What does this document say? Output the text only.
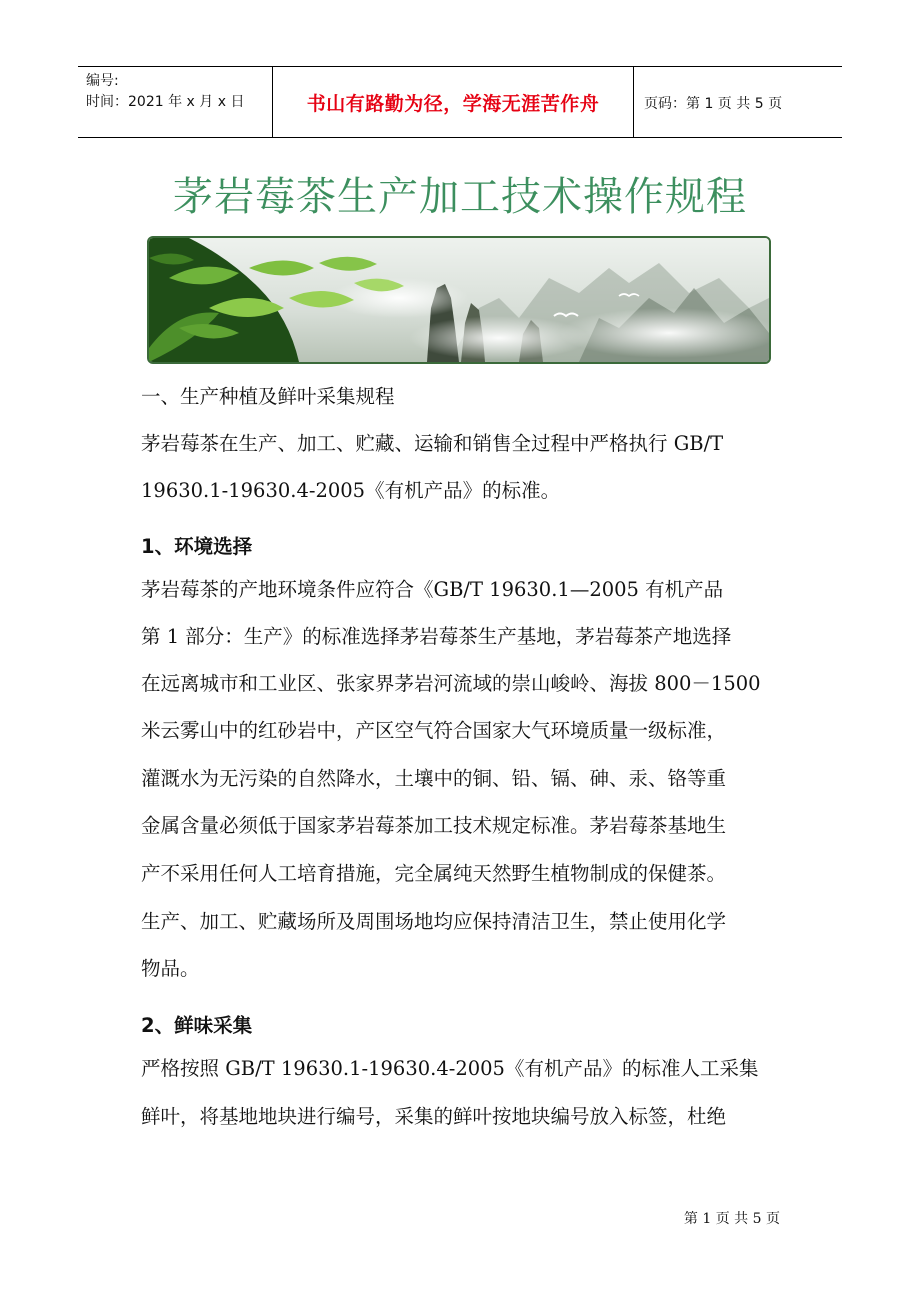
编号:
时间：2021 年 x 月 x 日	书山有路勤为径，学海无涯苦作舟	页码：第 1 页 共 5 页
茅岩莓茶生产加工技术操作规程
一、生产种植及鲜叶采集规程
茅岩莓茶在生产、加工、贮藏、运输和销售全过程中严格执行 GB/T
19630.1-19630.4-2005《有机产品》的标准。
1、环境选择
茅岩莓茶的产地环境条件应符合《GB/T 19630.1—2005 有机产品
第 1 部分：生产》的标准选择茅岩莓茶生产基地，茅岩莓茶产地选择
在远离城市和工业区、张家界茅岩河流域的崇山峻岭、海拔 800－1500
米云雾山中的红砂岩中，产区空气符合国家大气环境质量一级标准，
灌溉水为无污染的自然降水，土壤中的铜、铅、镉、砷、汞、铬等重
金属含量必须低于国家茅岩莓茶加工技术规定标准。茅岩莓茶基地生
产不采用任何人工培育措施，完全属纯天然野生植物制成的保健茶。
生产、加工、贮藏场所及周围场地均应保持清洁卫生，禁止使用化学
物品。
2、鲜味采集
严格按照 GB/T 19630.1-19630.4-2005《有机产品》的标准人工采集
鲜叶，将基地地块进行编号，采集的鲜叶按地块编号放入标签，杜绝
第 1 页 共 5 页
